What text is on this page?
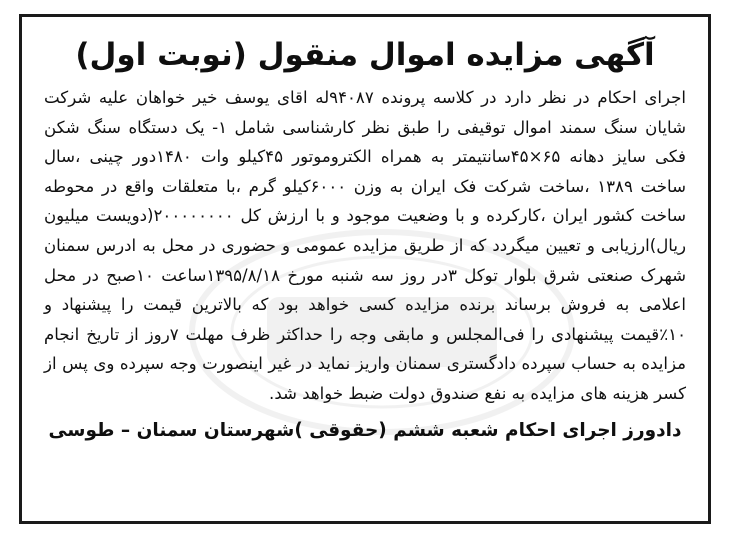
آگهی مزایده اموال منقول (نوبت اول)
اجرای احکام در نظر دارد در کلاسه پرونده ۹۴۰۸۷له اقای یوسف خیر خواهان علیه شرکت شایان سنگ سمند اموال توقیفی را طبق نظر کارشناسی شامل ۱- یک دستگاه سنگ شکن فکی سایز دهانه ۶۵×۴۵سانتیمتر به همراه الکتروموتور ۴۵کیلو وات ۱۴۸۰دور چینی ،سال ساخت ۱۳۸۹ ،ساخت شرکت فک ایران به وزن ۶۰۰۰کیلو گرم ،با متعلقات واقع در محوطه ساخت کشور ایران ،کارکرده و با وضعیت موجود و با ارزش کل ۲۰۰۰۰۰۰۰۰(دویست میلیون ریال)ارزیابی و تعیین میگردد که از طریق مزایده عمومی و حضوری در محل به ادرس سمنان شهرک صنعتی شرق بلوار توکل ۳در روز سه شنبه مورخ ۱۳۹۵/۸/۱۸ساعت ۱۰صبح در محل اعلامی به فروش برساند برنده مزایده کسی خواهد بود که بالاترین قیمت را پیشنهاد و ۱۰٪قیمت پیشنهادی را فی‌المجلس و مابقی وجه را حداکثر ظرف مهلت ۷روز از تاریخ انجام مزایده به حساب سپرده دادگستری سمنان واریز نماید در غیر اینصورت وجه سپرده وی پس از کسر هزینه های مزایده به نفع صندوق دولت ضبط خواهد شد.
دادورز اجرای احکام شعبه ششم (حقوقی )شهرستان سمنان – طوسی
